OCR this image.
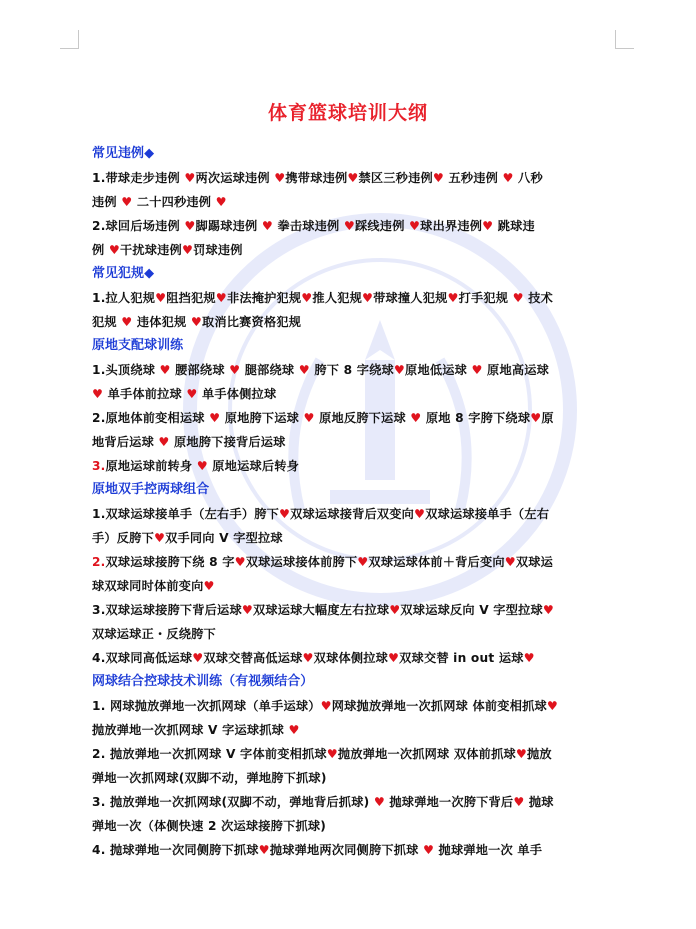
体育篮球培训大纲
常见违例◆
1.带球走步违例 ♥两次运球违例 ♥携带球违例♥禁区三秒违例♥ 五秒违例 ♥ 八秒
违例 ♥ 二十四秒违例 ♥
2.球回后场违例 ♥脚踢球违例 ♥ 拳击球违例 ♥踩线违例 ♥球出界违例♥ 跳球违
例 ♥干扰球违例♥罚球违例
常见犯规◆
1.拉人犯规♥阻挡犯规♥非法掩护犯规♥推人犯规♥带球撞人犯规♥打手犯规 ♥ 技术
犯规 ♥ 违体犯规 ♥取消比赛资格犯规
原地支配球训练
1.头顶绕球 ♥ 腰部绕球 ♥ 腿部绕球 ♥ 胯下 8 字绕球♥原地低运球 ♥ 原地高运球
♥ 单手体前拉球 ♥ 单手体侧拉球
2.原地体前变相运球 ♥ 原地胯下运球 ♥ 原地反胯下运球 ♥ 原地 8 字胯下绕球♥原
地背后运球 ♥ 原地胯下接背后运球
3.原地运球前转身 ♥ 原地运球后转身
原地双手控两球组合
1.双球运球接单手（左右手）胯下♥双球运球接背后双变向♥双球运球接单手（左右
手）反胯下♥双手同向 V 字型拉球
2.双球运球接胯下绕 8 字♥双球运球接体前胯下♥双球运球体前＋背后变向♥双球运
球双球同时体前变向♥
3.双球运球接胯下背后运球♥双球运球大幅度左右拉球♥双球运球反向 V 字型拉球♥
双球运球正・反绕胯下
4.双球同高低运球♥双球交替高低运球♥双球体侧拉球♥双球交替 in out 运球♥
网球结合控球技术训练（有视频结合）
1. 网球抛放弹地一次抓网球（单手运球）♥网球抛放弹地一次抓网球 体前变相抓球♥
抛放弹地一次抓网球 V 字运球抓球 ♥
2. 抛放弹地一次抓网球 V 字体前变相抓球♥抛放弹地一次抓网球 双体前抓球♥抛放
弹地一次抓网球(双脚不动，弹地胯下抓球)
3. 抛放弹地一次抓网球(双脚不动，弹地背后抓球) ♥ 抛球弹地一次胯下背后♥ 抛球
弹地一次（体侧快速 2 次运球接胯下抓球)
4. 抛球弹地一次同侧胯下抓球♥抛球弹地两次同侧胯下抓球 ♥ 抛球弹地一次 单手
